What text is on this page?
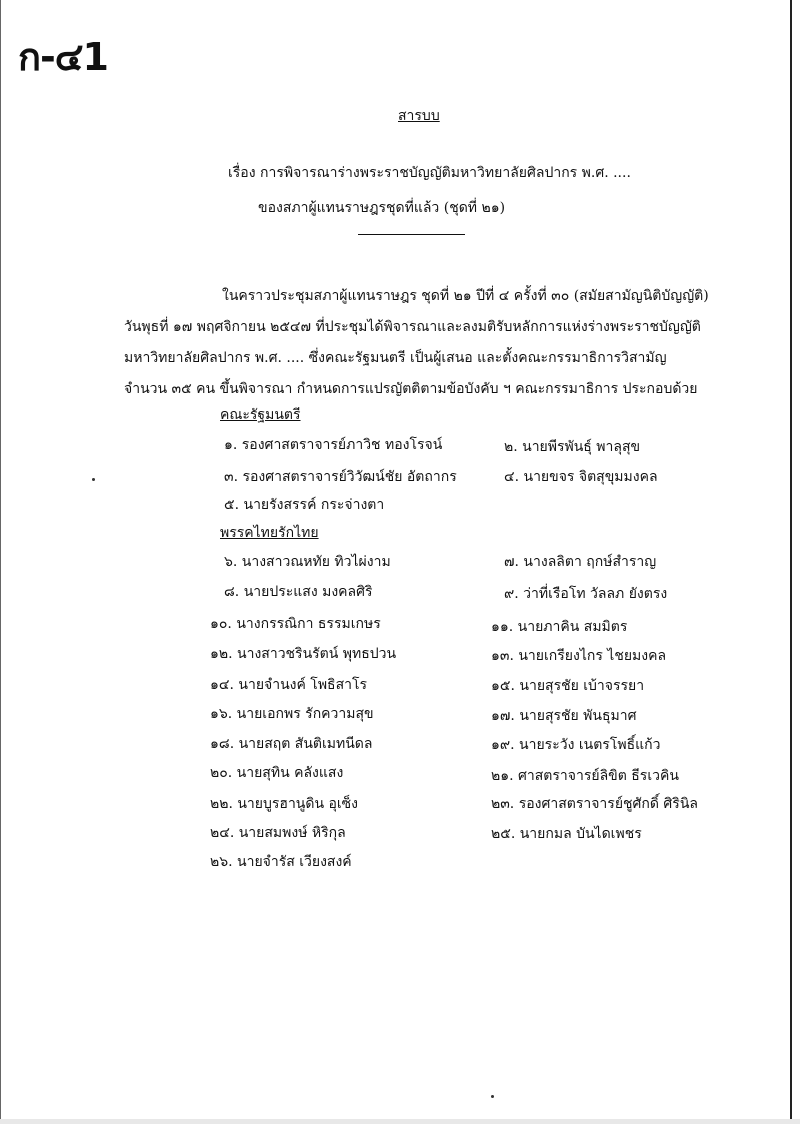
ก-๔1
สารบบ
เรื่อง การพิจารณาร่างพระราชบัญญัติมหาวิทยาลัยศิลปากร พ.ศ. ....
ของสภาผู้แทนราษฎรชุดที่แล้ว (ชุดที่ ๒๑)
ในคราวประชุมสภาผู้แทนราษฎร ชุดที่ ๒๑ ปีที่ ๔ ครั้งที่ ๓๐ (สมัยสามัญนิติบัญญัติ)
วันพุธที่ ๑๗ พฤศจิกายน ๒๕๔๗ ที่ประชุมได้พิจารณาและลงมติรับหลักการแห่งร่างพระราชบัญญัติ
มหาวิทยาลัยศิลปากร พ.ศ. .... ซึ่งคณะรัฐมนตรี เป็นผู้เสนอ และตั้งคณะกรรมาธิการวิสามัญ
จำนวน ๓๕ คน ขึ้นพิจารณา กำหนดการแปรญัตติตามข้อบังคับ ฯ คณะกรรมาธิการ ประกอบด้วย
คณะรัฐมนตรี
๑. รองศาสตราจารย์ภาวิช ทองโรจน์	๒. นายพีรพันธุ์ พาลุสุข
๓. รองศาสตราจารย์วิวัฒน์ชัย อัตถากร	๔. นายขจร จิตสุขุมมงคล
๕. นายรังสรรค์ กระจ่างตา
พรรคไทยรักไทย
๖. นางสาวณหทัย ทิวไผ่งาม	๗. นางลลิตา ฤกษ์สำราญ
๘. นายประแสง มงคลศิริ	๙. ว่าที่เรือโท วัลลภ ยังตรง
๑๐. นางกรรณิกา ธรรมเกษร	๑๑. นายภาคิน สมมิตร
๑๒. นางสาวชรินรัตน์ พุทธปวน	๑๓. นายเกรียงไกร ไชยมงคล
๑๔. นายจำนงค์ โพธิสาโร	๑๕. นายสุรชัย เบ้าจรรยา
๑๖. นายเอกพร รักความสุข	๑๗. นายสุรชัย พันธุมาศ
๑๘. นายสฤต สันติเมทนีดล	๑๙. นายระวัง เนตรโพธิ์แก้ว
๒๐. นายสุทิน คลังแสง	๒๑. ศาสตราจารย์ลิขิต ธีรเวคิน
๒๒. นายบูรฮานูดิน อุเซ็ง	๒๓. รองศาสตราจารย์ชูศักดิ์ ศิรินิล
๒๔. นายสมพงษ์ หิริกุล	๒๕. นายกมล บันไดเพชร
๒๖. นายจำรัส เวียงสงค์
